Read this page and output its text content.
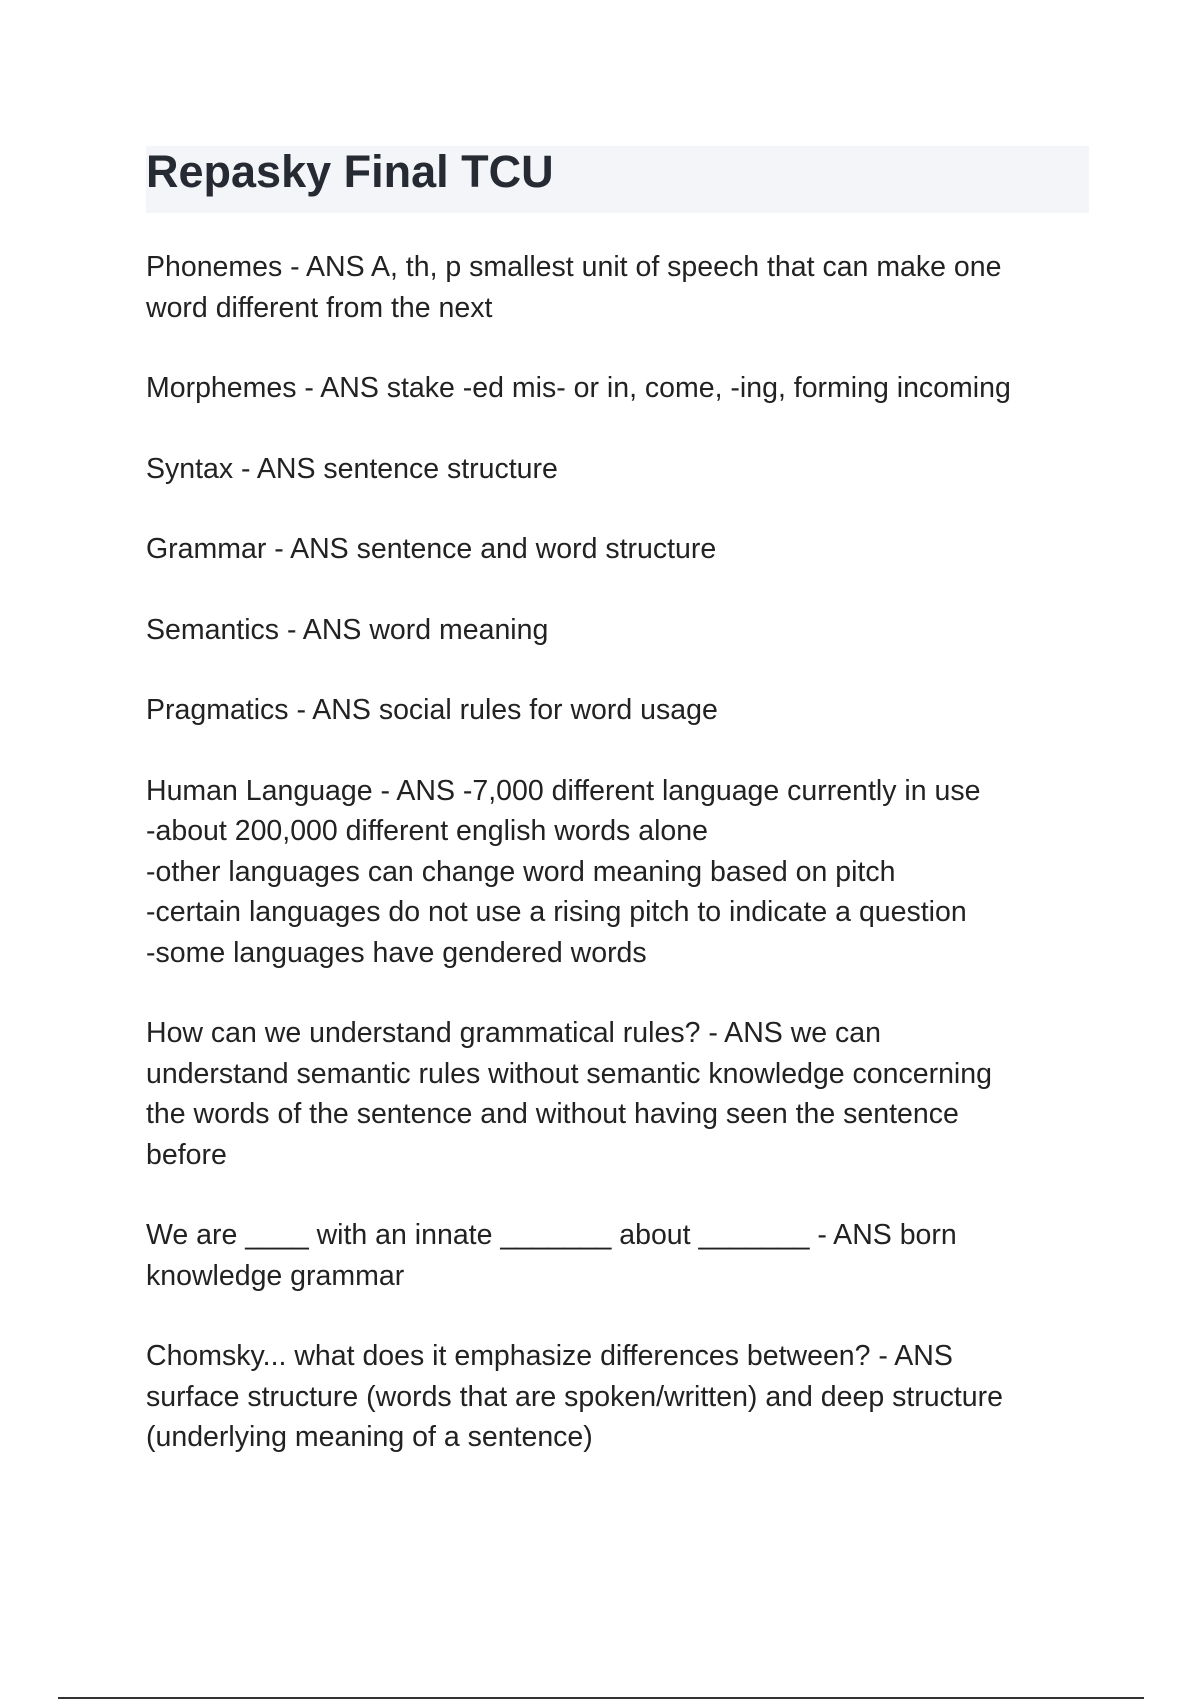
Repasky Final TCU

Phonemes - ANS A, th, p smallest unit of speech that can make one
word different from the next

Morphemes - ANS stake -ed mis- or in, come, -ing, forming incoming

Syntax - ANS sentence structure

Grammar - ANS sentence and word structure

Semantics - ANS word meaning

Pragmatics - ANS social rules for word usage

Human Language - ANS -7,000 different language currently in use
-about 200,000 different english words alone
-other languages can change word meaning based on pitch
-certain languages do not use a rising pitch to indicate a question
-some languages have gendered words

How can we understand grammatical rules? - ANS we can
understand semantic rules without semantic knowledge concerning
the words of the sentence and without having seen the sentence
before

We are ____ with an innate _______ about _______ - ANS born
knowledge grammar

Chomsky... what does it emphasize differences between? - ANS
surface structure (words that are spoken/written) and deep structure
(underlying meaning of a sentence)
